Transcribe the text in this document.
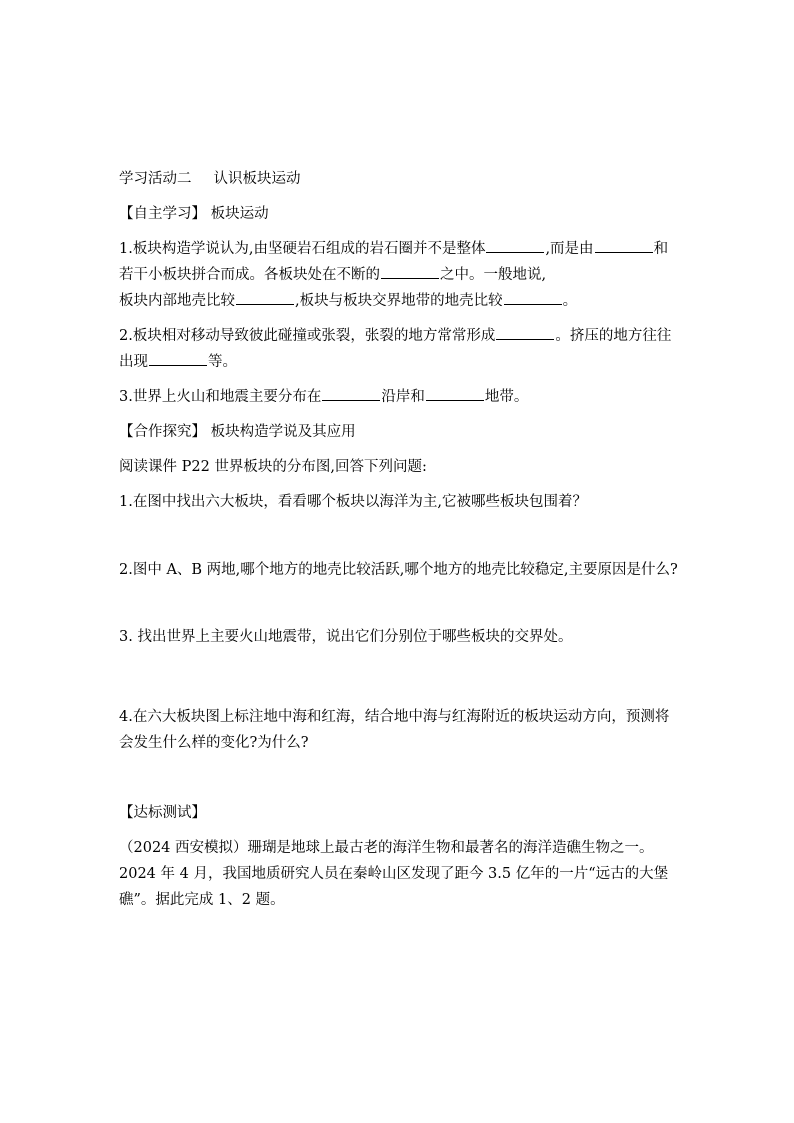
学习活动二 认识板块运动

【自主学习】 板块运动

1.板块构造学说认为,由坚硬岩石组成的岩石圈并不是整体	,而是由	和若干小板块拼合而成。各板块处在不断的	之中。一般地说,
板块内部地壳比较	,板块与板块交界地带的地壳比较	。

2.板块相对移动导致彼此碰撞或张裂，张裂的地方常常形成	。挤压的地方往往出现	等。

3.世界上火山和地震主要分布在	沿岸和	地带。

【合作探究】 板块构造学说及其应用

阅读课件 P22 世界板块的分布图,回答下列问题:

1.在图中找出六大板块，看看哪个板块以海洋为主,它被哪些板块包围着？

2.图中 A、B 两地,哪个地方的地壳比较活跃,哪个地方的地壳比较稳定,主要原因是什么?

3. 找出世界上主要火山地震带，说出它们分别位于哪些板块的交界处。

4.在六大板块图上标注地中海和红海，结合地中海与红海附近的板块运动方向，预测将会发生什么样的变化?为什么?

【达标测试】

（2024 西安模拟）珊瑚是地球上最古老的海洋生物和最著名的海洋造礁生物之一。2024 年 4 月，我国地质研究人员在秦岭山区发现了距今 3.5 亿年的一片“远古的大堡礁”。据此完成 1、2 题。
